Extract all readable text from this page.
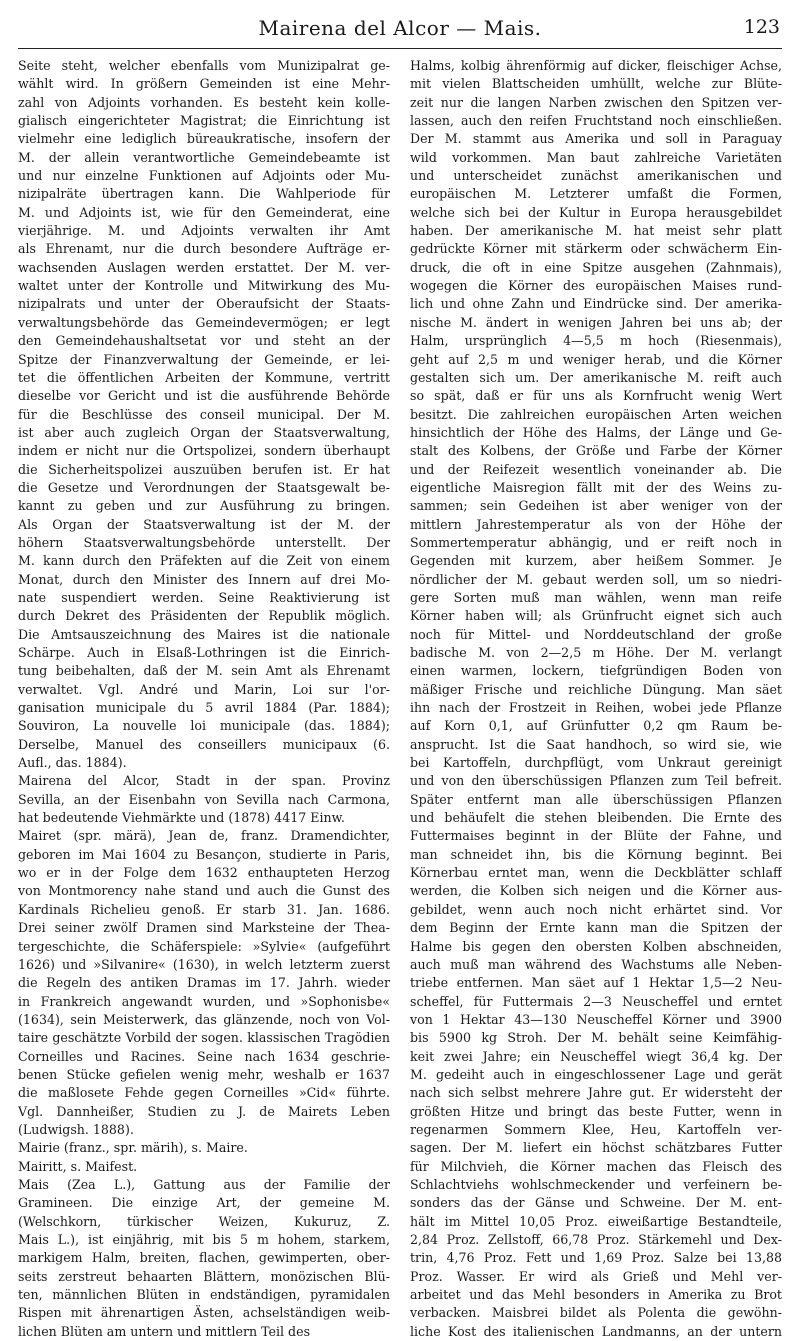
Mairena del Alcor — Mais.	123

Seite steht, welcher ebenfalls vom Munizipalrat ge-
wählt wird. In größern Gemeinden ist eine Mehr-
zahl von Adjoints vorhanden. Es besteht kein kolle-
gialisch eingerichteter Magistrat; die Einrichtung ist
vielmehr eine lediglich büreaukratische, insofern der
M. der allein verantwortliche Gemeindebeamte ist
und nur einzelne Funktionen auf Adjoints oder Mu-
nizipalräte übertragen kann. Die Wahlperiode für
M. und Adjoints ist, wie für den Gemeinderat, eine
vierjährige. M. und Adjoints verwalten ihr Amt
als Ehrenamt, nur die durch besondere Aufträge er-
wachsenden Auslagen werden erstattet. Der M. ver-
waltet unter der Kontrolle und Mitwirkung des Mu-
nizipalrats und unter der Oberaufsicht der Staats-
verwaltungsbehörde das Gemeindevermögen; er legt
den Gemeindehaushaltsetat vor und steht an der
Spitze der Finanzverwaltung der Gemeinde, er lei-
tet die öffentlichen Arbeiten der Kommune, vertritt
dieselbe vor Gericht und ist die ausführende Behörde
für die Beschlüsse des conseil municipal. Der M.
ist aber auch zugleich Organ der Staatsverwaltung,
indem er nicht nur die Ortspolizei, sondern überhaupt
die Sicherheitspolizei auszuüben berufen ist. Er hat
die Gesetze und Verordnungen der Staatsgewalt be-
kannt zu geben und zur Ausführung zu bringen.
Als Organ der Staatsverwaltung ist der M. der
höhern Staatsverwaltungsbehörde unterstellt. Der
M. kann durch den Präfekten auf die Zeit von einem
Monat, durch den Minister des Innern auf drei Mo-
nate suspendiert werden. Seine Reaktivierung ist
durch Dekret des Präsidenten der Republik möglich.
Die Amtsauszeichnung des Maires ist die nationale
Schärpe. Auch in Elsaß-Lothringen ist die Einrich-
tung beibehalten, daß der M. sein Amt als Ehrenamt
verwaltet. Vgl. André und Marin, Loi sur l'or-
ganisation municipale du 5 avril 1884 (Par. 1884);
Souviron, La nouvelle loi municipale (das. 1884);
Derselbe, Manuel des conseillers municipaux (6.
Aufl., das. 1884).

Mairena del Alcor, Stadt in der span. Provinz
Sevilla, an der Eisenbahn von Sevilla nach Carmona,
hat bedeutende Viehmärkte und (1878) 4417 Einw.

Mairet (spr. märä), Jean de, franz. Dramendichter,
geboren im Mai 1604 zu Besançon, studierte in Paris,
wo er in der Folge dem 1632 enthaupteten Herzog
von Montmorency nahe stand und auch die Gunst des
Kardinals Richelieu genoß. Er starb 31. Jan. 1686.
Drei seiner zwölf Dramen sind Marksteine der Thea-
tergeschichte, die Schäferspiele: »Sylvie« (aufgeführt
1626) und »Silvanire« (1630), in welch letzterm zuerst
die Regeln des antiken Dramas im 17. Jahrh. wieder
in Frankreich angewandt wurden, und »Sophonisbe«
(1634), sein Meisterwerk, das glänzende, noch von Vol-
taire geschätzte Vorbild der sogen. klassischen Tragödien
Corneilles und Racines. Seine nach 1634 geschrie-
benen Stücke gefielen wenig mehr, weshalb er 1637
die maßlosete Fehde gegen Corneilles »Cid« führte.
Vgl. Dannheißer, Studien zu J. de Mairets Leben
(Ludwigsh. 1888).

Mairie (franz., spr. märih), s. Maire.

Mairitt, s. Maifest.

Mais (Zea L.), Gattung aus der Familie der
Gramineen. Die einzige Art, der gemeine M.
(Welschkorn, türkischer Weizen, Kukuruz, Z.
Mais L.), ist einjährig, mit bis 5 m hohem, starkem,
markigem Halm, breiten, flachen, gewimperten, ober-
seits zerstreut behaarten Blättern, monözischen Blü-
ten, männlichen Blüten in endständigen, pyramidalen
Rispen mit ährenartigen Ästen, achselständigen weib-
lichen Blüten am untern und mittlern Teil des

Halms, kolbig ährenförmig auf dicker, fleischiger Achse,
mit vielen Blattscheiden umhüllt, welche zur Blüte-
zeit nur die langen Narben zwischen den Spitzen ver-
lassen, auch den reifen Fruchtstand noch einschließen.
Der M. stammt aus Amerika und soll in Paraguay
wild vorkommen. Man baut zahlreiche Varietäten
und unterscheidet zunächst amerikanischen und
europäischen M. Letzterer umfaßt die Formen,
welche sich bei der Kultur in Europa herausgebildet
haben. Der amerikanische M. hat meist sehr platt
gedrückte Körner mit stärkerm oder schwächerm Ein-
druck, die oft in eine Spitze ausgehen (Zahnmais),
wogegen die Körner des europäischen Maises rund-
lich und ohne Zahn und Eindrücke sind. Der amerika-
nische M. ändert in wenigen Jahren bei uns ab; der
Halm, ursprünglich 4—5,5 m hoch (Riesenmais),
geht auf 2,5 m und weniger herab, und die Körner
gestalten sich um. Der amerikanische M. reift auch
so spät, daß er für uns als Kornfrucht wenig Wert
besitzt. Die zahlreichen europäischen Arten weichen
hinsichtlich der Höhe des Halms, der Länge und Ge-
stalt des Kolbens, der Größe und Farbe der Körner
und der Reifezeit wesentlich voneinander ab. Die
eigentliche Maisregion fällt mit der des Weins zu-
sammen; sein Gedeihen ist aber weniger von der
mittlern Jahrestemperatur als von der Höhe der
Sommertemperatur abhängig, und er reift noch in
Gegenden mit kurzem, aber heißem Sommer. Je
nördlicher der M. gebaut werden soll, um so niedri-
gere Sorten muß man wählen, wenn man reife
Körner haben will; als Grünfrucht eignet sich auch
noch für Mittel- und Norddeutschland der große
badische M. von 2—2,5 m Höhe. Der M. verlangt
einen warmen, lockern, tiefgründigen Boden von
mäßiger Frische und reichliche Düngung. Man säet
ihn nach der Frostzeit in Reihen, wobei jede Pflanze
auf Korn 0,1, auf Grünfutter 0,2 qm Raum be-
ansprucht. Ist die Saat handhoch, so wird sie, wie
bei Kartoffeln, durchpflügt, vom Unkraut gereinigt
und von den überschüssigen Pflanzen zum Teil befreit.
Später entfernt man alle überschüssigen Pflanzen
und behäufelt die stehen bleibenden. Die Ernte des
Futtermaises beginnt in der Blüte der Fahne, und
man schneidet ihn, bis die Körnung beginnt. Bei
Körnerbau erntet man, wenn die Deckblätter schlaff
werden, die Kolben sich neigen und die Körner aus-
gebildet, wenn auch noch nicht erhärtet sind. Vor
dem Beginn der Ernte kann man die Spitzen der
Halme bis gegen den obersten Kolben abschneiden,
auch muß man während des Wachstums alle Neben-
triebe entfernen. Man säet auf 1 Hektar 1,5—2 Neu-
scheffel, für Futtermais 2—3 Neuscheffel und erntet
von 1 Hektar 43—130 Neuscheffel Körner und 3900
bis 5900 kg Stroh. Der M. behält seine Keimfähig-
keit zwei Jahre; ein Neuscheffel wiegt 36,4 kg. Der
M. gedeiht auch in eingeschlossener Lage und gerät
nach sich selbst mehrere Jahre gut. Er widersteht der
größten Hitze und bringt das beste Futter, wenn in
regenarmen Sommern Klee, Heu, Kartoffeln ver-
sagen. Der M. liefert ein höchst schätzbares Futter
für Milchvieh, die Körner machen das Fleisch des
Schlachtviehs wohlschmeckender und verfeinern be-
sonders das der Gänse und Schweine. Der M. ent-
hält im Mittel 10,05 Proz. eiweißartige Bestandteile,
2,84 Proz. Zellstoff, 66,78 Proz. Stärkemehl und Dex-
trin, 4,76 Proz. Fett und 1,69 Proz. Salze bei 13,88
Proz. Wasser. Er wird als Grieß und Mehl ver-
arbeitet und das Mehl besonders in Amerika zu Brot
verbacken. Maisbrei bildet als Polenta die gewöhn-
liche Kost des italienischen Landmanns, an der untern
